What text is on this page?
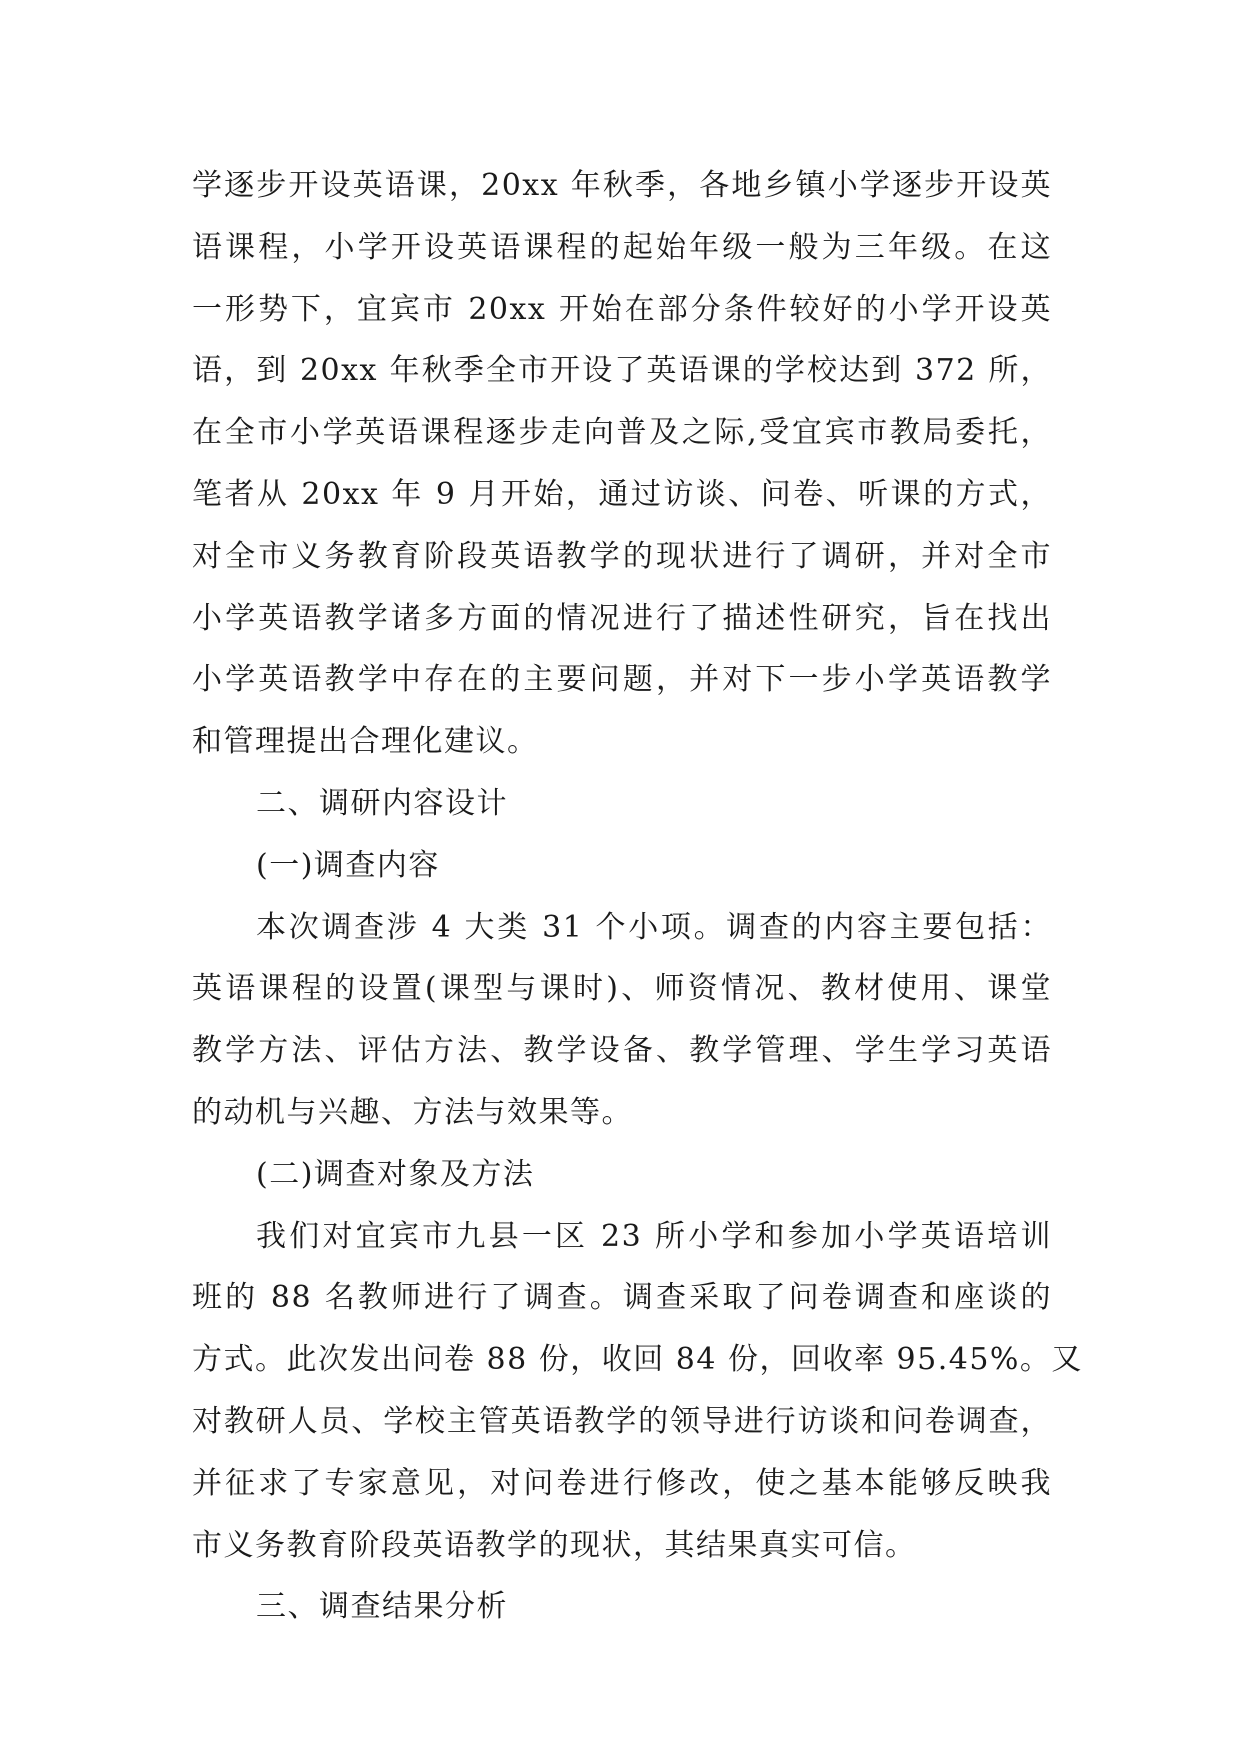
学逐步开设英语课，20xx 年秋季，各地乡镇小学逐步开设英
语课程，小学开设英语课程的起始年级一般为三年级。在这
一形势下，宜宾市 20xx 开始在部分条件较好的小学开设英
语，到 20xx 年秋季全市开设了英语课的学校达到 372 所，
在全市小学英语课程逐步走向普及之际,受宜宾市教局委托，
笔者从 20xx 年 9 月开始，通过访谈、问卷、听课的方式，
对全市义务教育阶段英语教学的现状进行了调研，并对全市
小学英语教学诸多方面的情况进行了描述性研究，旨在找出
小学英语教学中存在的主要问题，并对下一步小学英语教学
和管理提出合理化建议。
二、调研内容设计
(一)调查内容
本次调查涉 4 大类 31 个小项。调查的内容主要包括：
英语课程的设置(课型与课时)、师资情况、教材使用、课堂
教学方法、评估方法、教学设备、教学管理、学生学习英语
的动机与兴趣、方法与效果等。
(二)调查对象及方法
我们对宜宾市九县一区 23 所小学和参加小学英语培训
班的 88 名教师进行了调查。调查采取了问卷调查和座谈的
方式。此次发出问卷 88 份，收回 84 份，回收率 95.45%。又
对教研人员、学校主管英语教学的领导进行访谈和问卷调查，
并征求了专家意见，对问卷进行修改，使之基本能够反映我
市义务教育阶段英语教学的现状，其结果真实可信。
三、调查结果分析
